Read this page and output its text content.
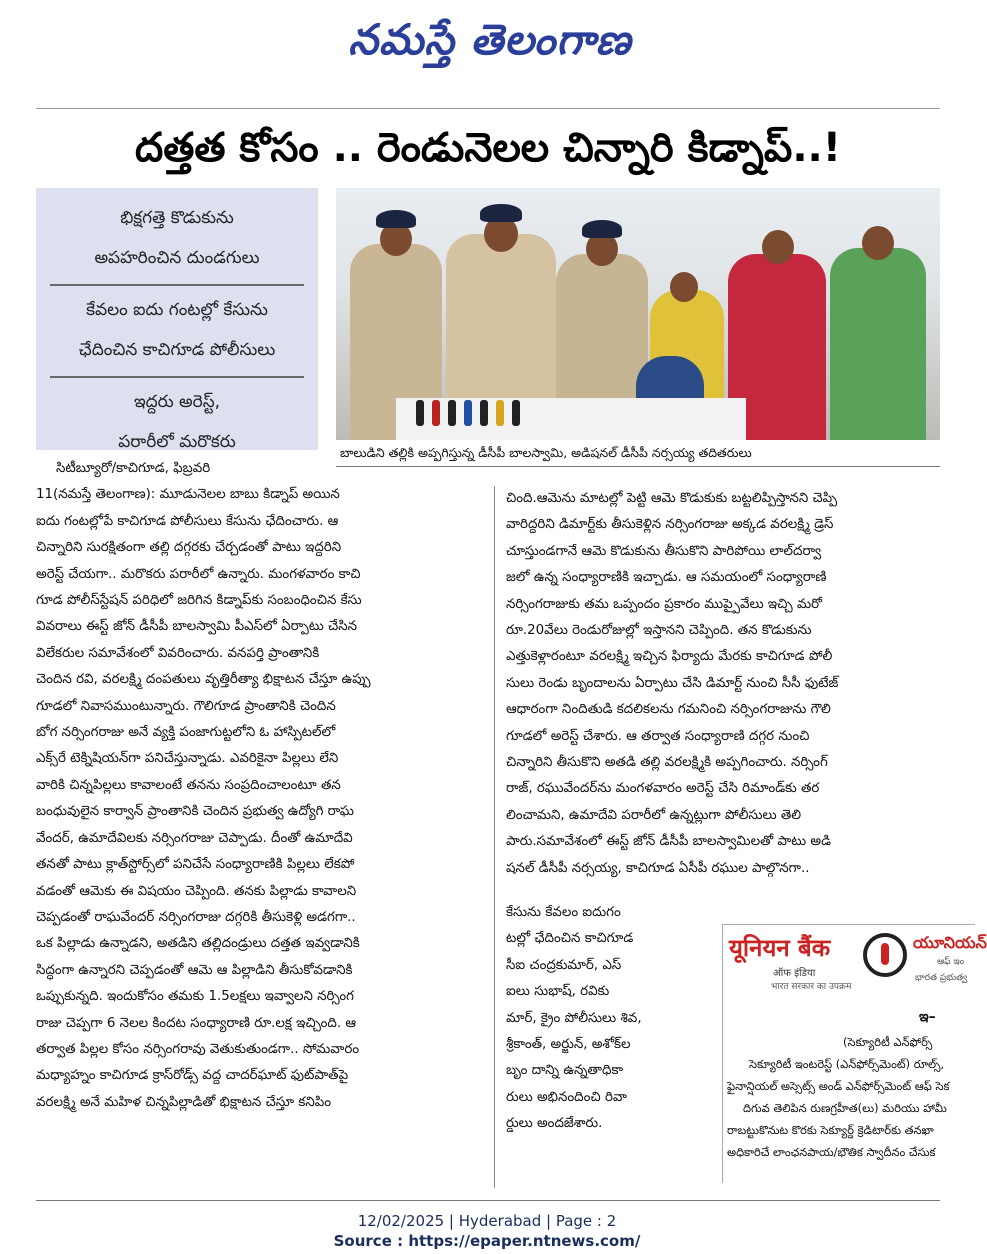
నమస్తే తెలంగాణ
దత్తత కోసం .. రెండునెలల చిన్నారి కిడ్నాప్..!
భిక్షగత్తె కొడుకును
అపహరించిన దుండగులు
కేవలం ఐదు గంటల్లో కేసును
ఛేదించిన కాచిగూడ పోలీసులు
ఇద్దరు అరెస్ట్,
పరారీలో మరొకరు
బాలుడిని తల్లికి అప్పగిస్తున్న డీసీపీ బాలస్వామి, అడిషనల్ డీసీపీ నర్సయ్య తదితరులు

సిటీబ్యూరో/కాచిగూడ, ఫిబ్రవరి

11(నమస్తే తెలంగాణ): మూడునెలల బాబు కిడ్నాప్ అయిన

ఐదు గంటల్లోపే కాచిగూడ పోలీసులు కేసును ఛేదించారు. ఆ

చిన్నారిని సురక్షితంగా తల్లి దగ్గరకు చేర్చడంతో పాటు ఇద్దరిని

అరెస్ట్ చేయగా.. మరొకరు పరారీలో ఉన్నారు. మంగళవారం కాచి

గూడ పోలీస్‌స్టేషన్ పరిధిలో జరిగిన కిడ్నాప్‌కు సంబంధించిన కేసు

వివరాలు ఈస్ట్ జోన్ డీసీపీ బాలస్వామి పీఎస్‌లో ఏర్పాటు చేసిన

విలేకరుల సమావేశంలో వివరించారు. వనపర్తి ప్రాంతానికి

చెందిన రవి, వరలక్ష్మి దంపతులు వృత్తిరీత్యా భిక్షాటన చేస్తూ ఉప్పు

గూడలో నివాసముంటున్నారు. గౌలిగూడ ప్రాంతానికి చెందిన

బోగ నర్సింగరాజు అనే వ్యక్తి పంజాగుట్టలోని ఓ హాస్పిటల్‌లో

ఎక్స్‌రే టెక్నిషియన్‌గా పనిచేస్తున్నాడు. ఎవరికైనా పిల్లలు లేని

వారికి చిన్నపిల్లలు కావాలంటే తనను సంప్రదించాలంటూ తన

బంధువులైన కార్వాన్ ప్రాంతానికి చెందిన ప్రభుత్వ ఉద్యోగి రాఘ

వేందర్, ఉమాదేవిలకు నర్సింగరాజు చెప్పాడు. దీంతో ఉమాదేవి

తనతో పాటు క్లాత్‌స్టోర్స్‌లో పనిచేసే సంధ్యారాణికి పిల్లలు లేకపో

వడంతో ఆమెకు ఈ విషయం చెప్పింది. తనకు పిల్లాడు కావాలని

చెప్పడంతో రాఘవేందర్ నర్సింగరాజు దగ్గరికి తీసుకెళ్లి అడగగా..

ఒక పిల్లాడు ఉన్నాడని, అతడిని తల్లిదండ్రులు దత్తత ఇవ్వడానికి

సిద్ధంగా ఉన్నారని చెప్పడంతో ఆమె ఆ పిల్లాడిని తీసుకోవడానికి

ఒప్పుకున్నది. ఇందుకోసం తమకు 1.5లక్షలు ఇవ్వాలని నర్సింగ

రాజు చెప్పగా 6 నెలల కిందట సంధ్యారాణి రూ.లక్ష ఇచ్చింది. ఆ

తర్వాత పిల్లల కోసం నర్సింగరావు వెతుకుతుండగా.. సోమవారం

మధ్యాహ్నం కాచిగూడ క్రాస్‌రోడ్స్ వద్ద చాదర్‌ఘాట్ ఫుట్‌పాత్‌పై

వరలక్ష్మి అనే మహిళ చిన్నపిల్లాడితో భిక్షాటన చేస్తూ కనిపిం

చింది.ఆమెను మాటల్లో పెట్టి ఆమె కొడుకుకు బట్టలిప్పిస్తానని చెప్పి

వారిద్దరిని డిమార్ట్‌కు తీసుకెళ్లిన నర్సింగరాజు అక్కడ వరలక్ష్మి డ్రెస్

చూస్తుండగానే ఆమె కొడుకును తీసుకొని పారిపోయి లాల్‌దర్వా

జలో ఉన్న సంధ్యారాణికి ఇచ్చాడు. ఆ సమయంలో సంధ్యారాణి

నర్సింగరాజుకు తమ ఒప్పందం ప్రకారం ముప్పైవేలు ఇచ్చి మరో

రూ.20వేలు రెండురోజుల్లో ఇస్తానని చెప్పింది. తన కొడుకును

ఎత్తుకెళ్లారంటూ వరలక్ష్మి ఇచ్చిన ఫిర్యాదు మేరకు కాచిగూడ పోలీ

సులు రెండు బృందాలను ఏర్పాటు చేసి డిమార్ట్ నుంచి సీసీ ఫుటేజ్

ఆధారంగా నిందితుడి కదలికలను గమనించి నర్సింగరాజును గౌలి

గూడలో అరెస్ట్ చేశారు. ఆ తర్వాత సంధ్యారాణి దగ్గర నుంచి

చిన్నారిని తీసుకొని అతడి తల్లి వరలక్ష్మికి అప్పగించారు. నర్సింగ్

రాజ్, రఘువేందర్‌ను మంగళవారం అరెస్ట్ చేసి రిమాండ్‌కు తర

లించామని, ఉమాదేవి పరారీలో ఉన్నట్లుగా పోలీసులు తెలి

పారు.సమావేశంలో ఈస్ట్ జోన్ డీసీపీ బాలస్వామిలతో పాటు అడి

షనల్ డీసీపీ నర్సయ్య, కాచిగూడ ఏసీపీ రఘుల పాల్గొనగా..

కేసును కేవలం ఐదుగం

టల్లో ఛేదించిన కాచిగూడ

సీఐ చంద్రకుమార్, ఎస్

ఐలు సుభాష్, రవికు

మార్, క్రైం పోలీసులు శివ,

శ్రీకాంత్, అర్జున్, అశోక్‌ల

బృం దాన్ని ఉన్నతాధికా

రులు అభినందించి రివా

ర్డులు అందజేశారు.

यूनियन बैंक
ऑफ इंडिया
भारत सरकार का उपक्रम
యూనియన్
ఆఫ్ ఇం
భారత ప్రభుత్వ
ఇ–
(సెక్యూరిటీ ఎన్‌ఫోర్స్
సెక్యూరిటీ ఇంటరెస్ట్ (ఎన్‌ఫోర్స్‌మెంట్) రూల్స్,
ఫైనాన్షియల్ అస్సెట్స్ అండ్ ఎన్‌ఫోర్స్‌మెంట్ ఆఫ్ సెక
దిగువ తెలిపిన రుణగ్రహీత(లు) మరియు హామీ
రాబట్టుకొనుట కొరకు సెక్యూర్డ్ క్రెడిటార్‌కు తనఖా
అధికారిచే లాంఛనపాయ/భౌతిక స్వాదీనం చేసుక
12/02/2025 | Hyderabad | Page : 2
Source : https://epaper.ntnews.com/
